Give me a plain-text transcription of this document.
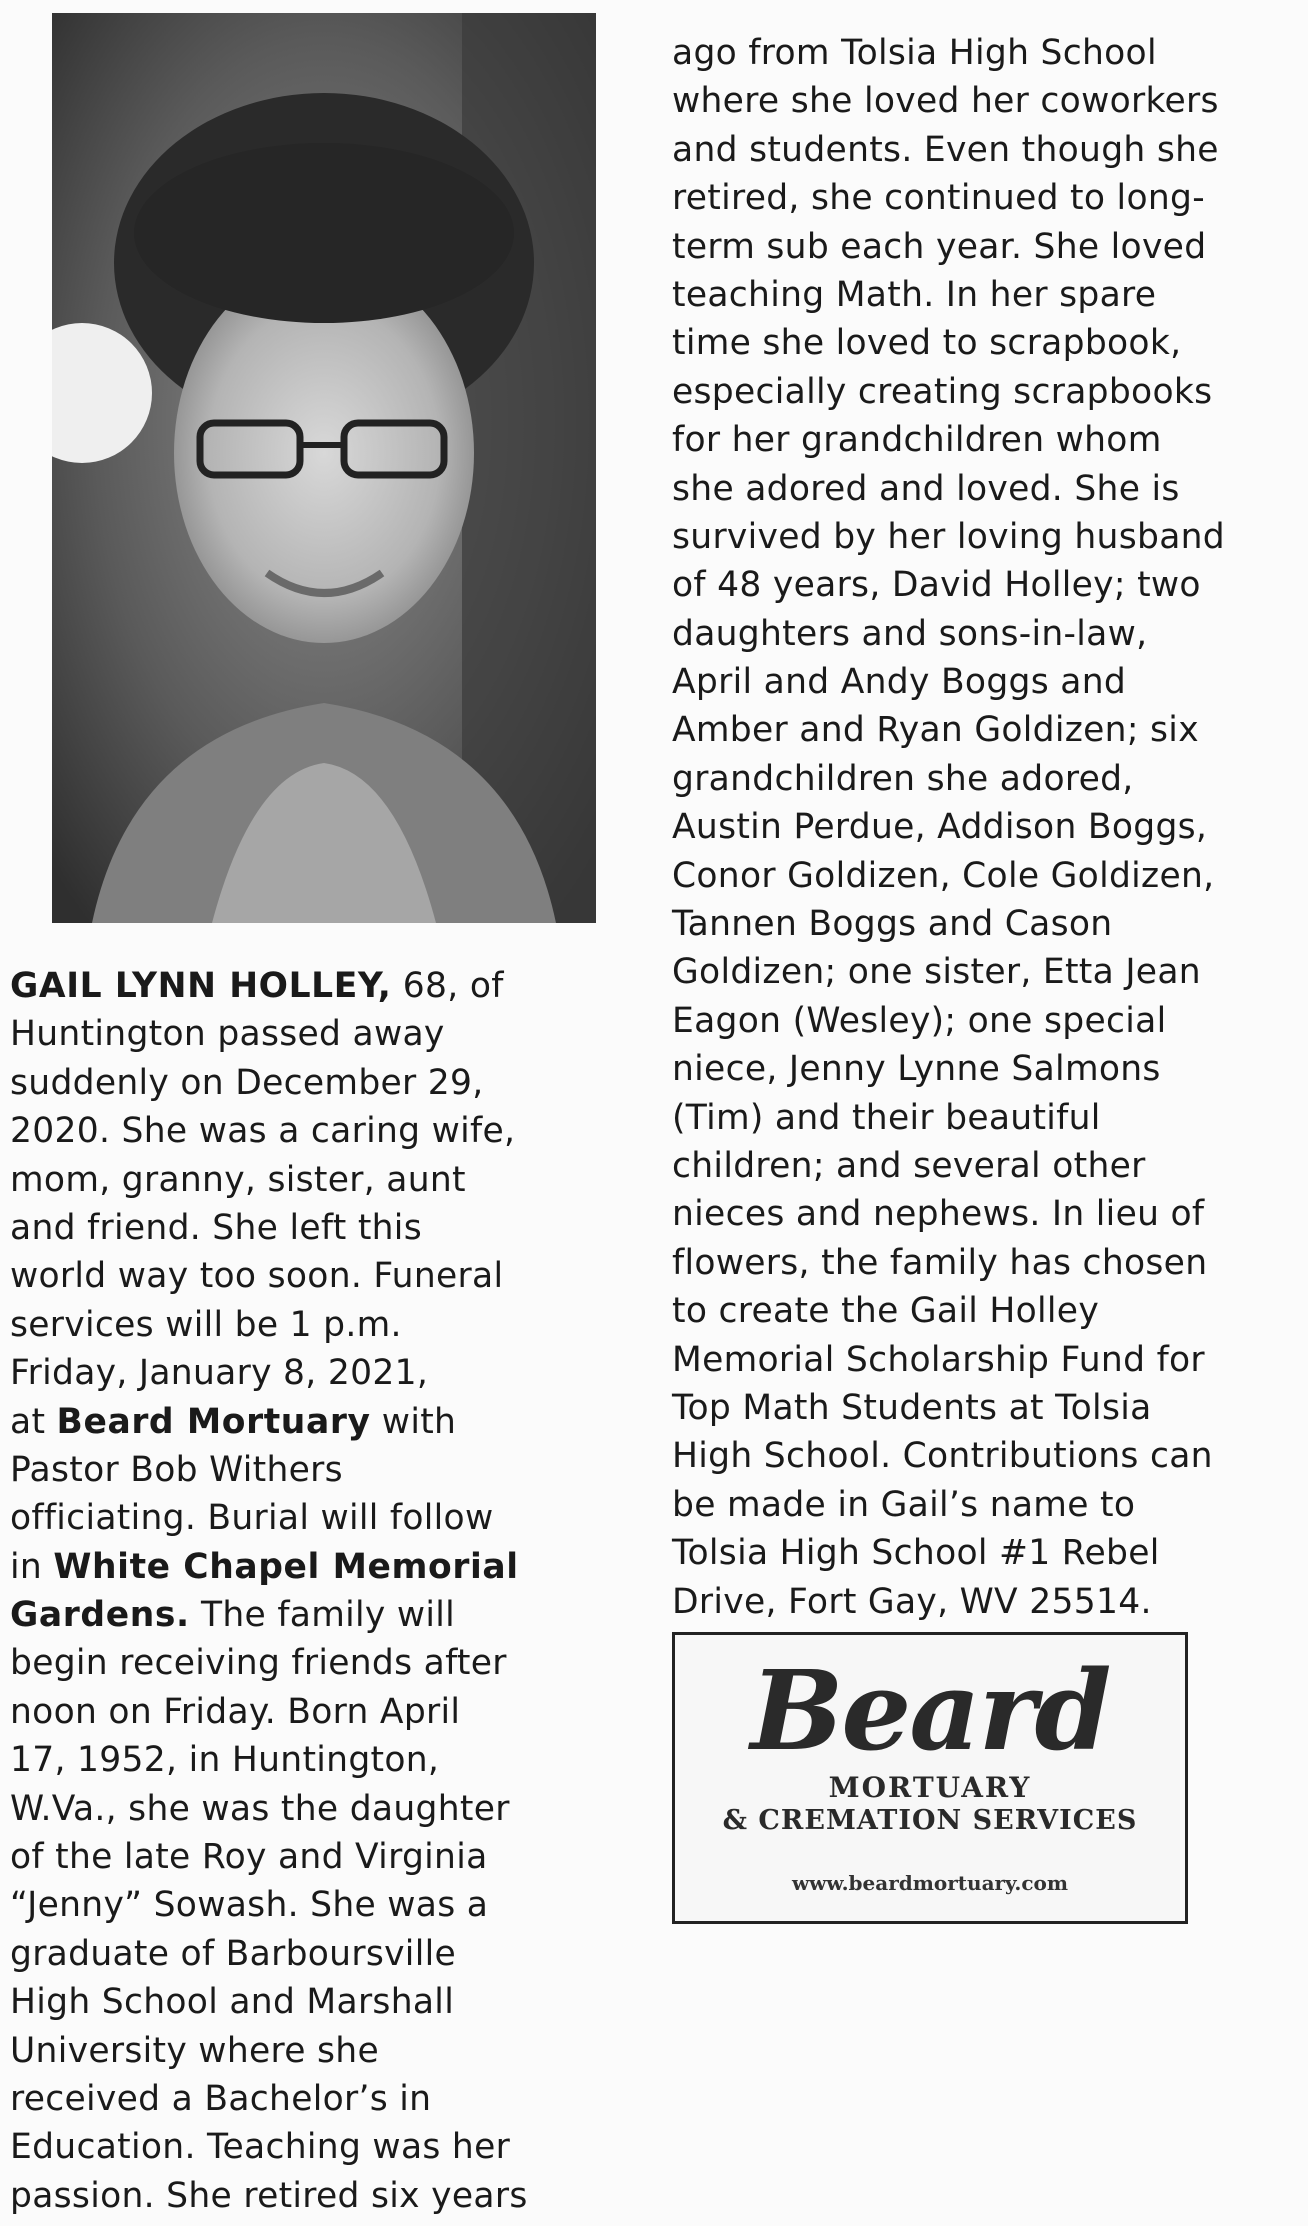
GAIL LYNN HOLLEY, 68, of
Huntington passed away
suddenly on December 29,
2020. She was a caring wife,
mom, granny, sister, aunt
and friend. She left this
world way too soon. Funeral
services will be 1 p.m.
Friday, January 8, 2021,
at Beard Mortuary with
Pastor Bob Withers
officiating. Burial will follow
in White Chapel Memorial
Gardens. The family will
begin receiving friends after
noon on Friday. Born April
17, 1952, in Huntington,
W.Va., she was the daughter
of the late Roy and Virginia
“Jenny” Sowash. She was a
graduate of Barboursville
High School and Marshall
University where she
received a Bachelor’s in
Education. Teaching was her
passion. She retired six years
ago from Tolsia High School
where she loved her coworkers
and students. Even though she
retired, she continued to long-
term sub each year. She loved
teaching Math. In her spare
time she loved to scrapbook,
especially creating scrapbooks
for her grandchildren whom
she adored and loved. She is
survived by her loving husband
of 48 years, David Holley; two
daughters and sons-in-law,
April and Andy Boggs and
Amber and Ryan Goldizen; six
grandchildren she adored,
Austin Perdue, Addison Boggs,
Conor Goldizen, Cole Goldizen,
Tannen Boggs and Cason
Goldizen; one sister, Etta Jean
Eagon (Wesley); one special
niece, Jenny Lynne Salmons
(Tim) and their beautiful
children; and several other
nieces and nephews. In lieu of
flowers, the family has chosen
to create the Gail Holley
Memorial Scholarship Fund for
Top Math Students at Tolsia
High School. Contributions can
be made in Gail’s name to
Tolsia High School #1 Rebel
Drive, Fort Gay, WV 25514.
Beard
MORTUARY
& CREMATION SERVICES
www.beardmortuary.com
